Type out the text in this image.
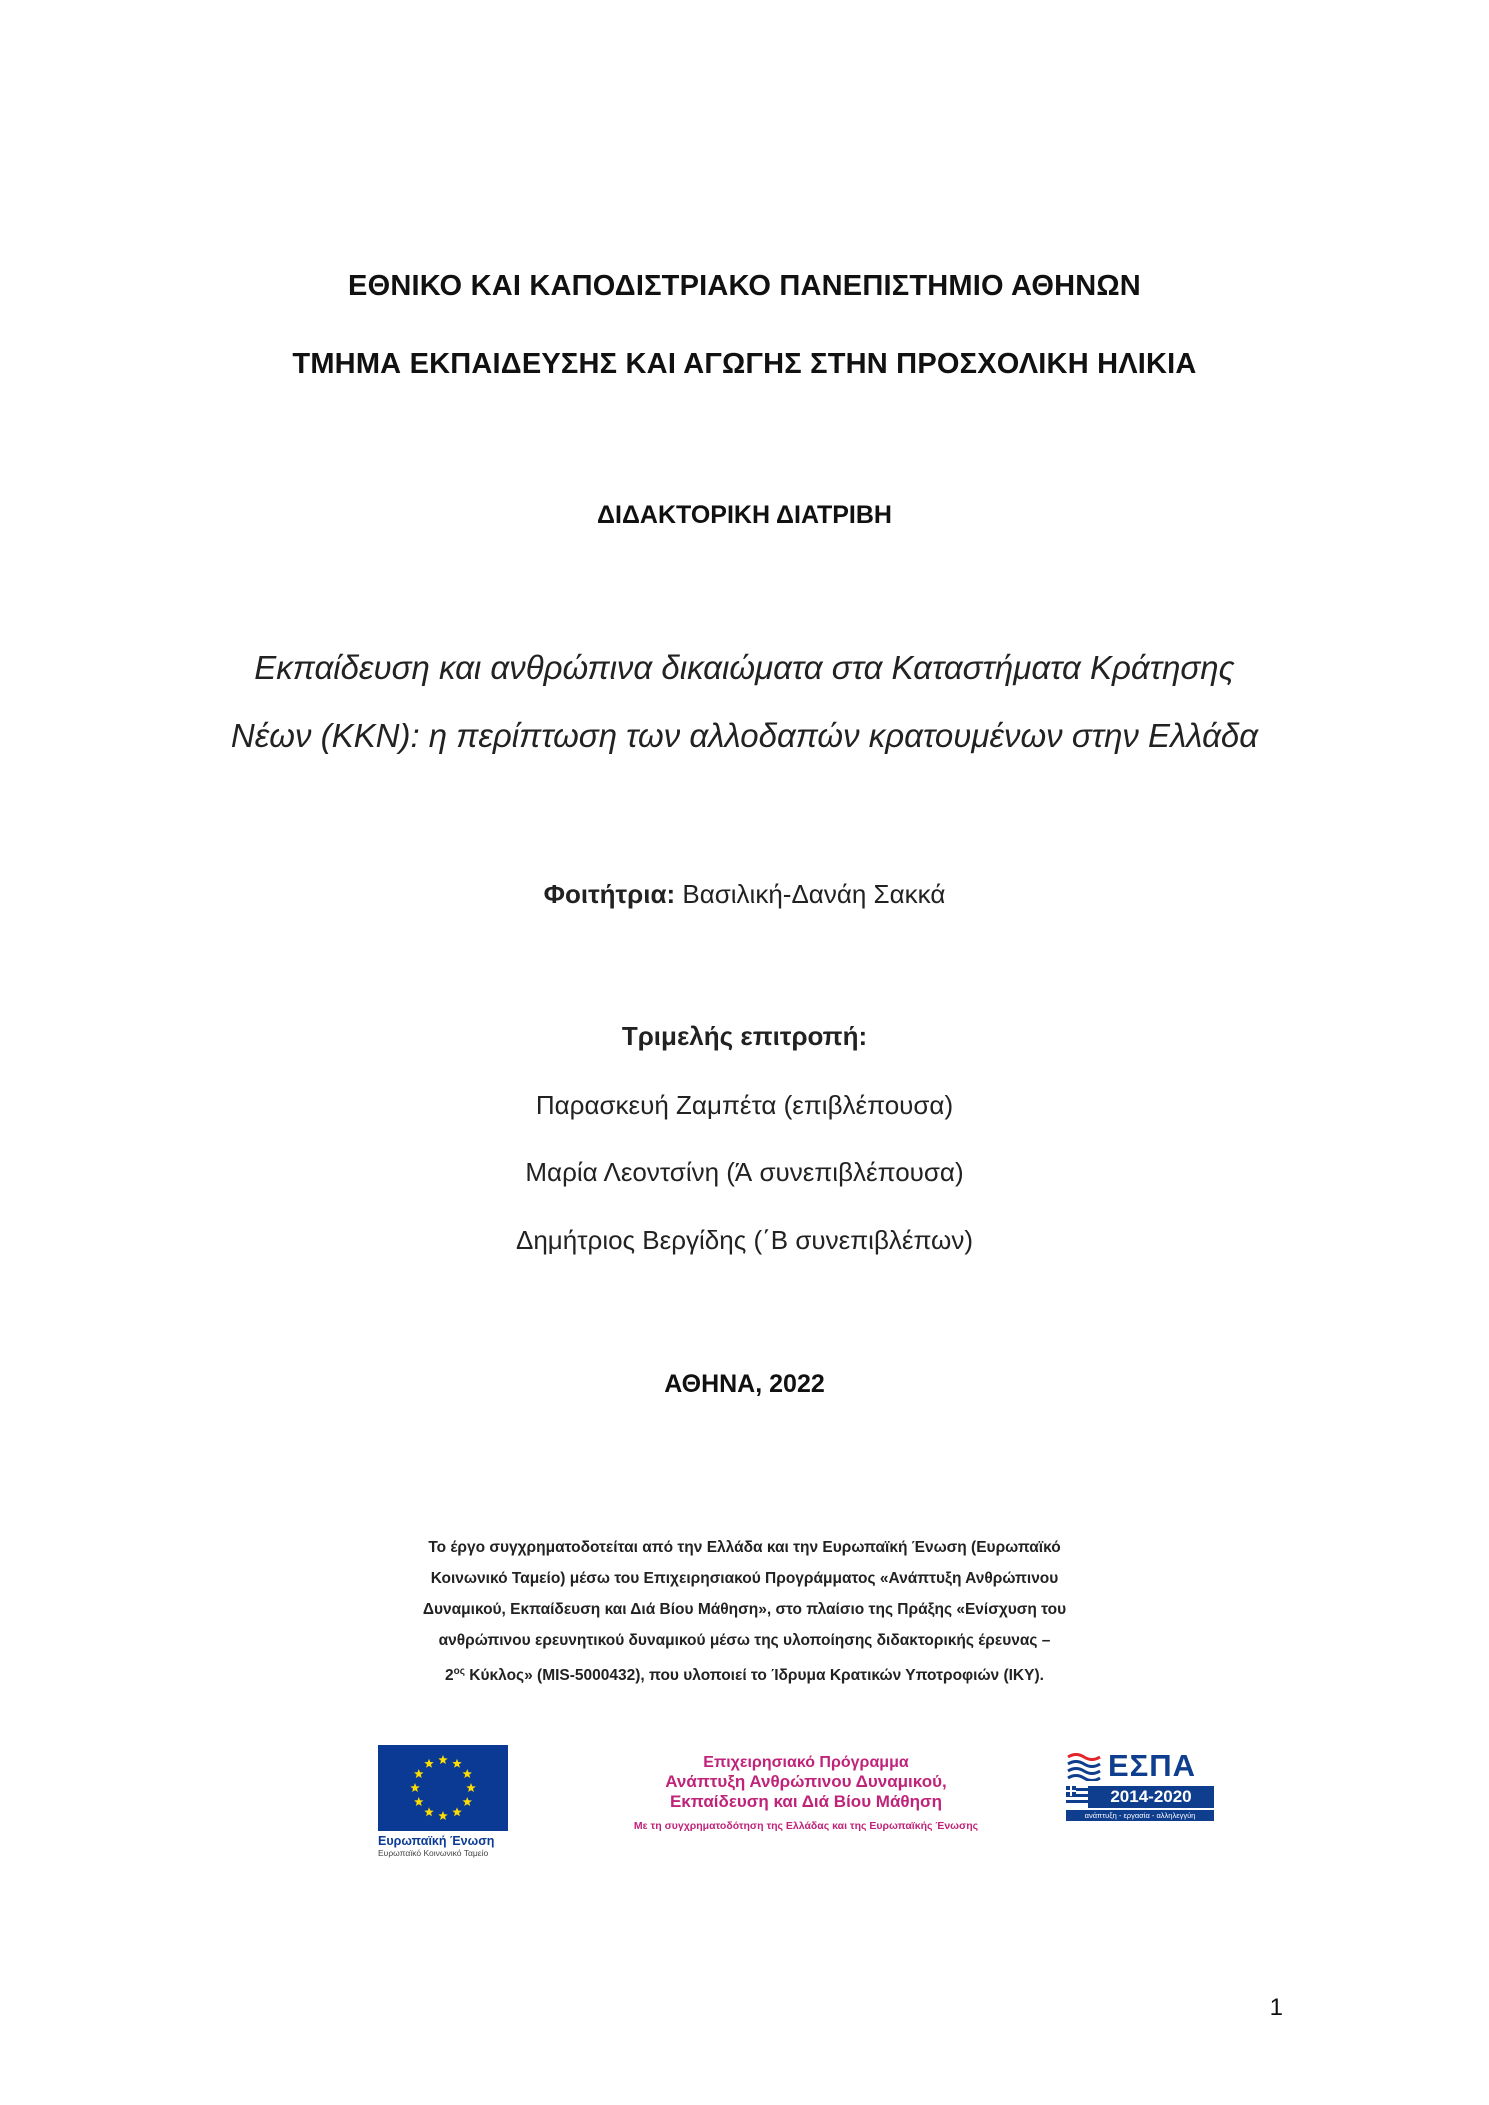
ΕΘΝΙΚΟ ΚΑΙ ΚΑΠΟΔΙΣΤΡΙΑΚΟ ΠΑΝΕΠΙΣΤΗΜΙΟ ΑΘΗΝΩΝ
ΤΜΗΜΑ ΕΚΠΑΙΔΕΥΣΗΣ ΚΑΙ ΑΓΩΓΗΣ ΣΤΗΝ ΠΡΟΣΧΟΛΙΚΗ ΗΛΙΚΙΑ
ΔΙΔΑΚΤΟΡΙΚΗ ΔΙΑΤΡΙΒΗ
Εκπαίδευση και ανθρώπινα δικαιώματα στα Καταστήματα Κράτησης
Νέων (ΚΚΝ): η περίπτωση των αλλοδαπών κρατουμένων στην Ελλάδα
Φοιτήτρια: Βασιλική-Δανάη Σακκά
Τριμελής επιτροπή:
Παρασκευή Ζαμπέτα (επιβλέπουσα)
Μαρία Λεοντσίνη (Ά συνεπιβλέπουσα)
Δημήτριος Βεργίδης (΄Β συνεπιβλέπων)
ΑΘΗΝΑ, 2022
Το έργο συγχρηματοδοτείται από την Ελλάδα και την Ευρωπαϊκή Ένωση (Ευρωπαϊκό
Κοινωνικό Ταμείο) μέσω του Επιχειρησιακού Προγράμματος «Ανάπτυξη Ανθρώπινου
Δυναμικού, Εκπαίδευση και Διά Βίου Μάθηση», στο πλαίσιο της Πράξης «Ενίσχυση του
ανθρώπινου ερευνητικού δυναμικού μέσω της υλοποίησης διδακτορικής έρευνας –
$2^{o\varsigma}$ Κύκλος» (MIS-5000432), που υλοποιεί το Ίδρυμα Κρατικών Υποτροφιών (ΙΚΥ).
Ευρωπαϊκή Ένωση
Ευρωπαϊκό Κοινωνικό Ταμείο
Επιχειρησιακό Πρόγραμμα
Ανάπτυξη Ανθρώπινου Δυναμικού,
Εκπαίδευση και Διά Βίου Μάθηση
Με τη συγχρηματοδότηση της Ελλάδας και της Ευρωπαϊκής Ένωσης
ΕΣΠΑ
2014-2020
ανάπτυξη - εργασία - αλληλεγγύη
1
